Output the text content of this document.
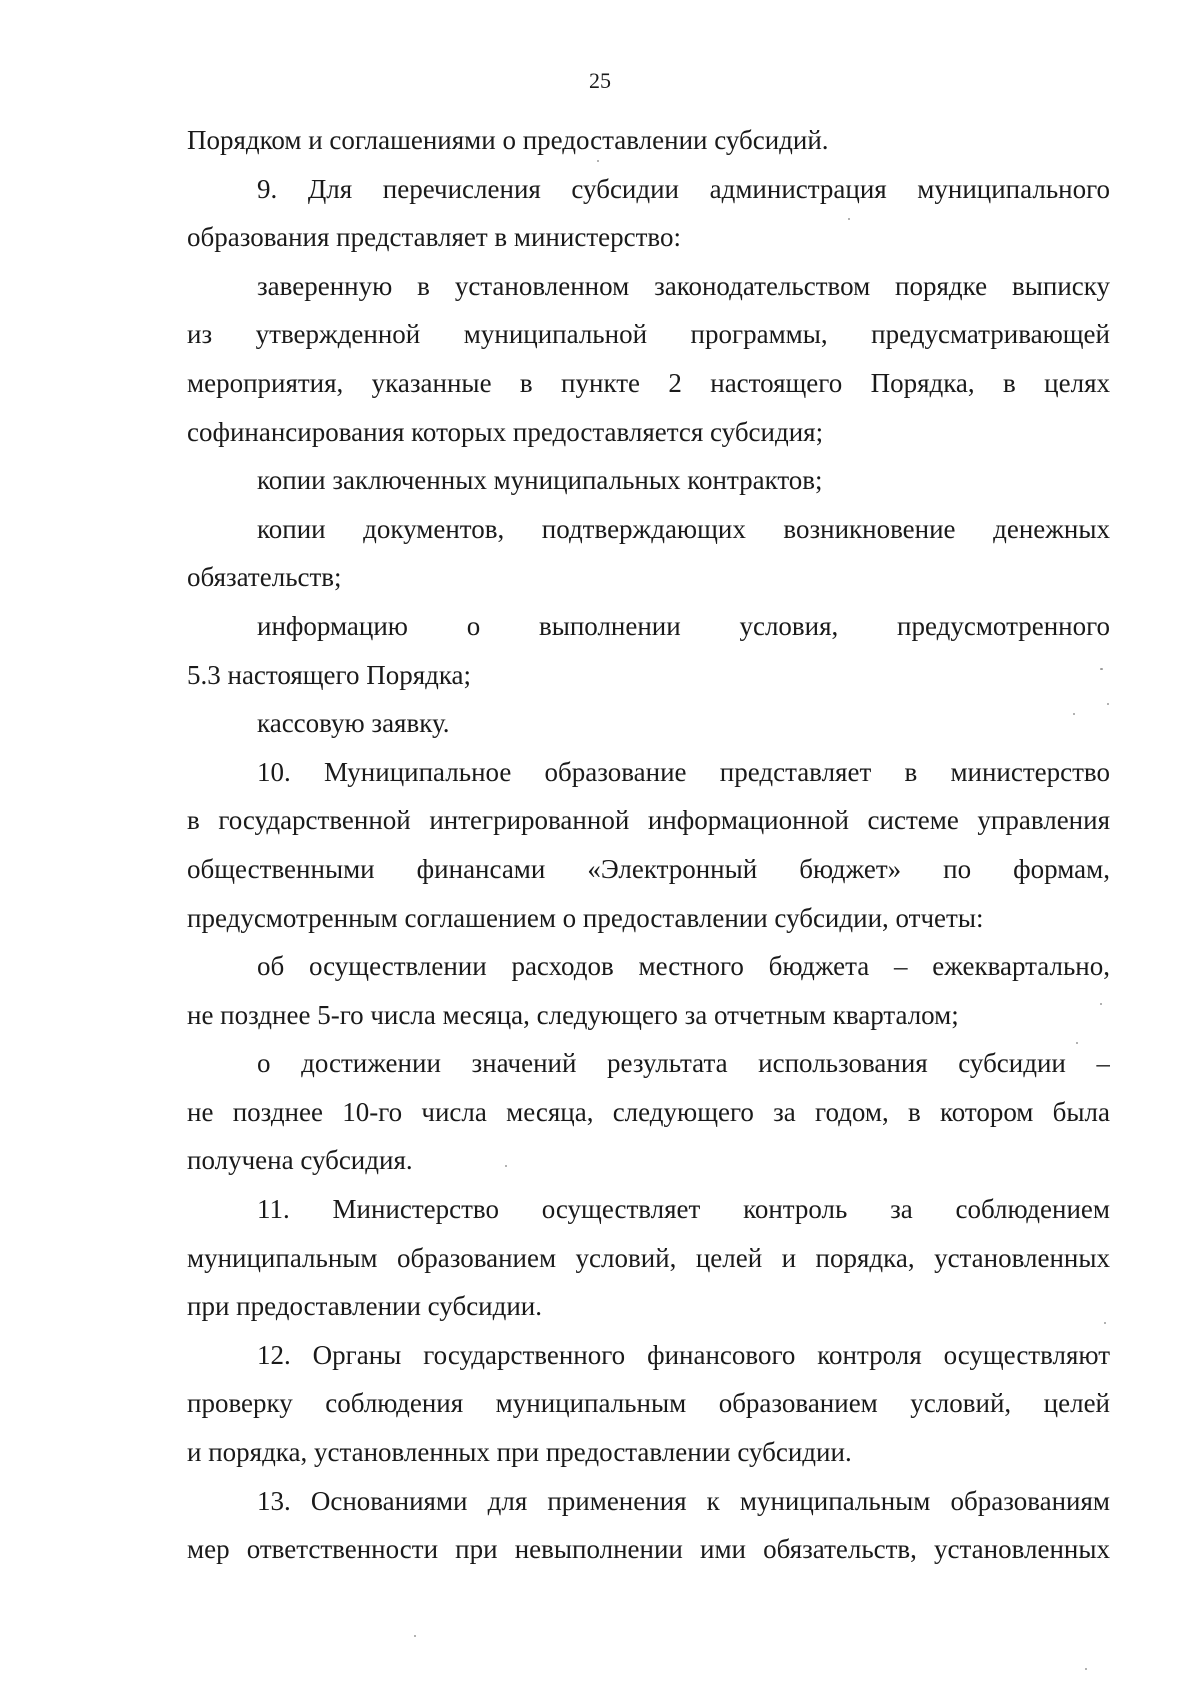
25
Порядком и соглашениями о предоставлении субсидий.
9. Для перечисления субсидии администрация муниципального
образования представляет в министерство:
заверенную в установленном законодательством порядке выписку
из утвержденной муниципальной программы, предусматривающей
мероприятия, указанные в пункте 2 настоящего Порядка, в целях
софинансирования которых предоставляется субсидия;
копии заключенных муниципальных контрактов;
копии документов, подтверждающих возникновение денежных
обязательств;
информацию о выполнении условия, предусмотренного
5.3 настоящего Порядка;
кассовую заявку.
10. Муниципальное образование представляет в министерство
в государственной интегрированной информационной системе управления
общественными финансами «Электронный бюджет» по формам,
предусмотренным соглашением о предоставлении субсидии, отчеты:
об осуществлении расходов местного бюджета – ежеквартально,
не позднее 5-го числа месяца, следующего за отчетным кварталом;
о достижении значений результата использования субсидии –
не позднее 10-го числа месяца, следующего за годом, в котором была
получена субсидия.
11. Министерство осуществляет контроль за соблюдением
муниципальным образованием условий, целей и порядка, установленных
при предоставлении субсидии.
12. Органы государственного финансового контроля осуществляют
проверку соблюдения муниципальным образованием условий, целей
и порядка, установленных при предоставлении субсидии.
13. Основаниями для применения к муниципальным образованиям
мер ответственности при невыполнении ими обязательств, установленных
